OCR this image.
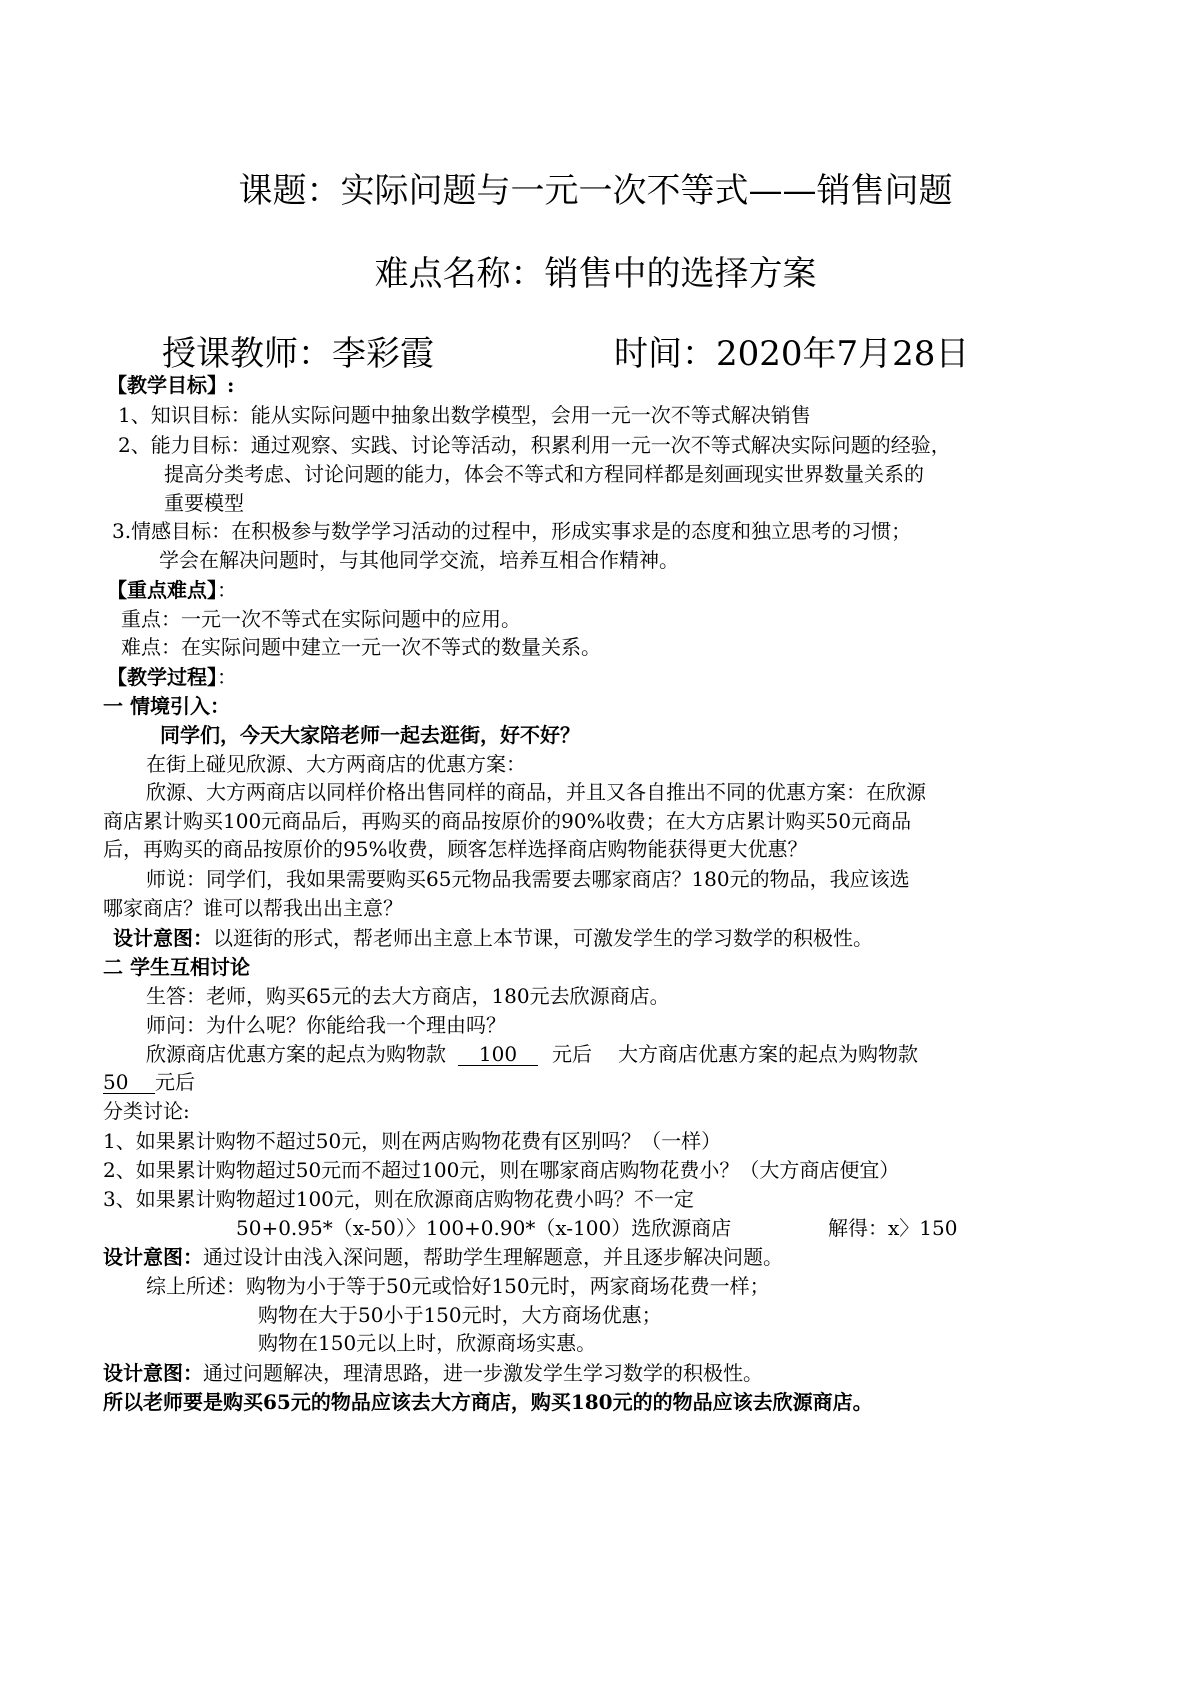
课题：实际问题与一元一次不等式——销售问题
难点名称：销售中的选择方案
授课教师：李彩霞	时间：2020年7月28日
【教学目标】:
1、知识目标：能从实际问题中抽象出数学模型，会用一元一次不等式解决销售
2、能力目标：通过观察、实践、讨论等活动，积累利用一元一次不等式解决实际问题的经验，
提高分类考虑、讨论问题的能力，体会不等式和方程同样都是刻画现实世界数量关系的
重要模型
3.情感目标：在积极参与数学学习活动的过程中，形成实事求是的态度和独立思考的习惯；
学会在解决问题时，与其他同学交流，培养互相合作精神。
【重点难点】：
重点：一元一次不等式在实际问题中的应用。
难点：在实际问题中建立一元一次不等式的数量关系。
【教学过程】：
一 情境引入：
同学们，今天大家陪老师一起去逛街，好不好？
在街上碰见欣源、大方两商店的优惠方案：
欣源、大方两商店以同样价格出售同样的商品，并且又各自推出不同的优惠方案：在欣源
商店累计购买100元商品后，再购买的商品按原价的90%收费；在大方店累计购买50元商品
后，再购买的商品按原价的95%收费，顾客怎样选择商店购物能获得更大优惠？
师说：同学们，我如果需要购买65元物品我需要去哪家商店？180元的物品，我应该选
哪家商店？谁可以帮我出出主意？
设计意图：以逛街的形式，帮老师出主意上本节课，可激发学生的学习数学的积极性。
二 学生互相讨论
生答：老师，购买65元的去大方商店，180元去欣源商店。
师问：为什么呢？你能给我一个理由吗？
欣源商店优惠方案的起点为购物款 100 元后 大方商店优惠方案的起点为购物款
50 元后
分类讨论:
1、如果累计购物不超过50元，则在两店购物花费有区别吗？（一样）
2、如果累计购物超过50元而不超过100元，则在哪家商店购物花费小？（大方商店便宜）
3、如果累计购物超过100元，则在欣源商店购物花费小吗？不一定
50+0.95*（x-50）〉100+0.90*（x-100）选欣源商店	解得：x〉150
设计意图：通过设计由浅入深问题，帮助学生理解题意，并且逐步解决问题。
综上所述：购物为小于等于50元或恰好150元时，两家商场花费一样；
购物在大于50小于150元时，大方商场优惠；
购物在150元以上时，欣源商场实惠。
设计意图：通过问题解决，理清思路，进一步激发学生学习数学的积极性。
所以老师要是购买65元的物品应该去大方商店，购买180元的的物品应该去欣源商店。
